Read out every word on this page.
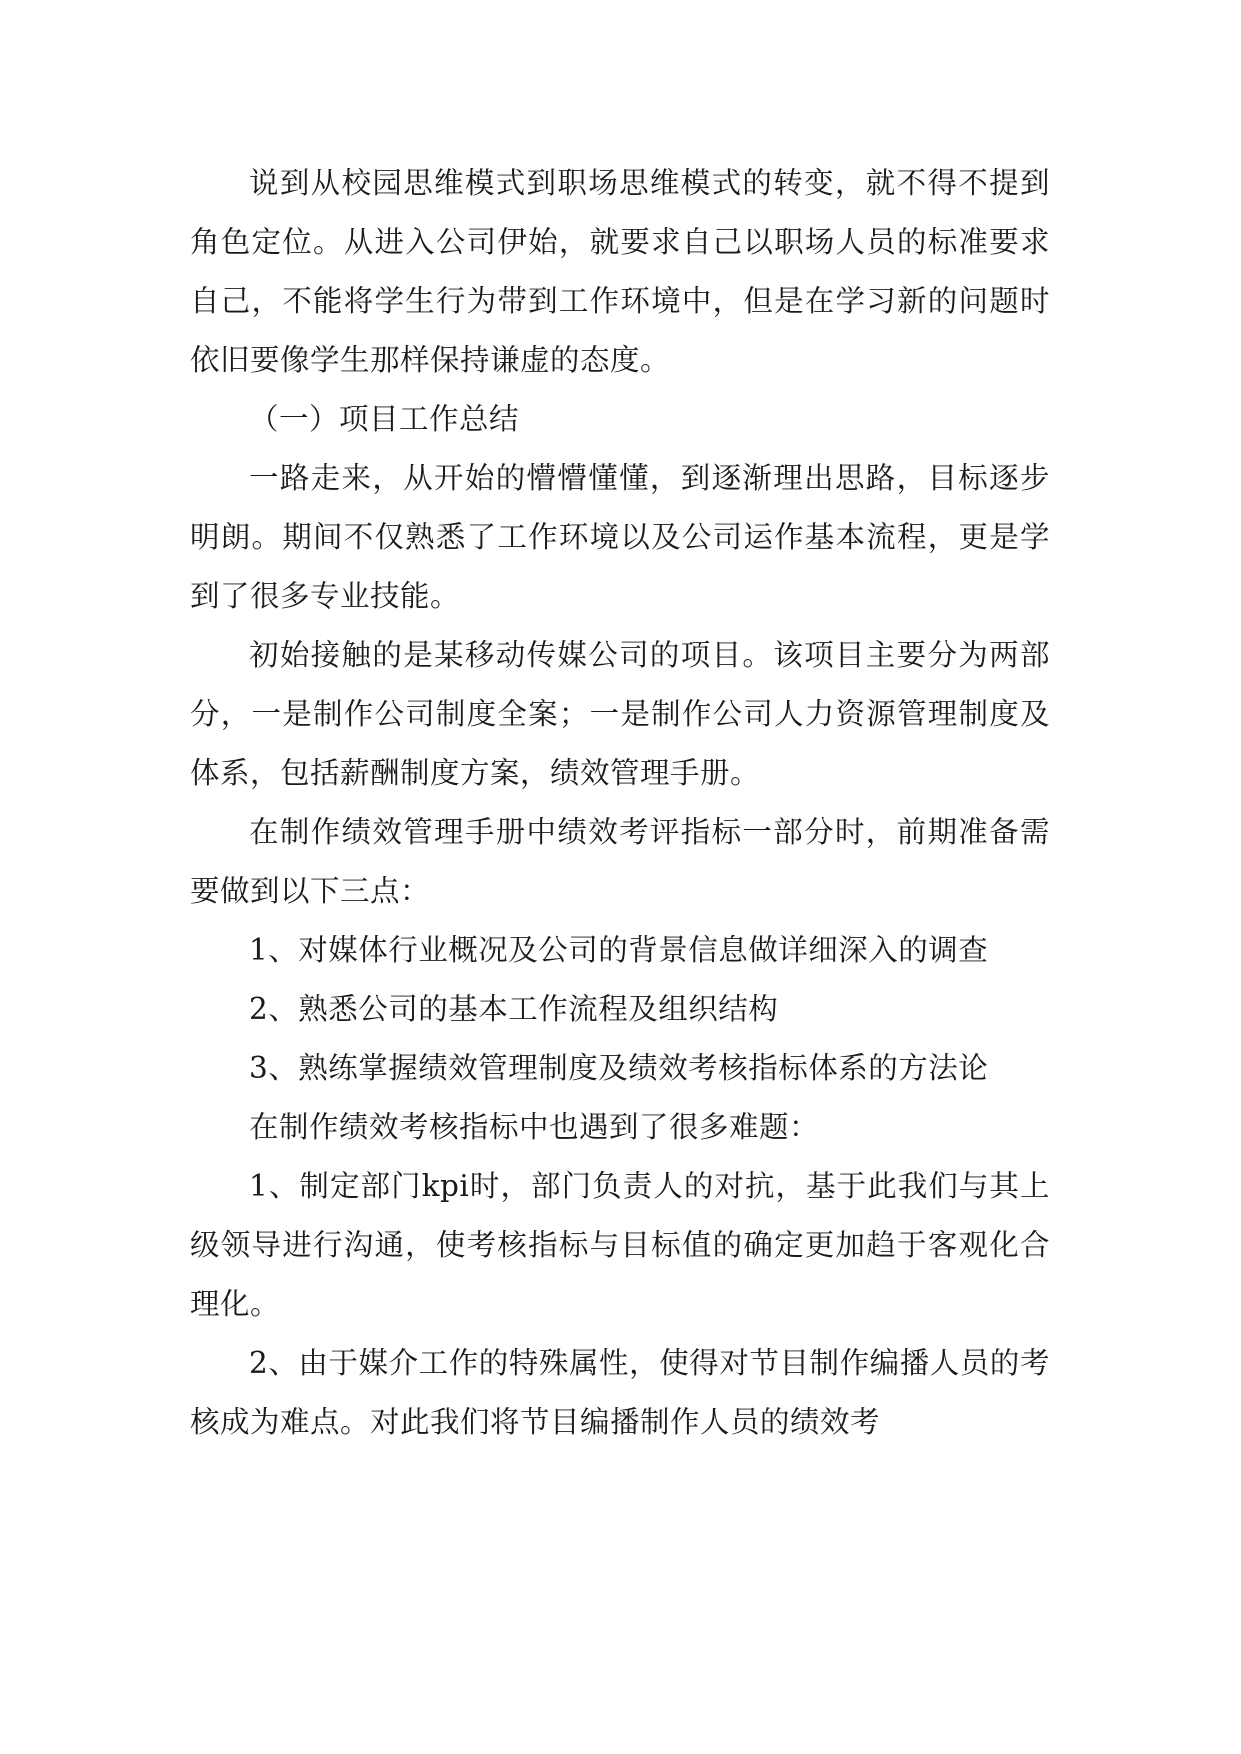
说到从校园思维模式到职场思维模式的转变，就不得不提到角色定位。从进入公司伊始，就要求自己以职场人员的标准要求自己，不能将学生行为带到工作环境中，但是在学习新的问题时依旧要像学生那样保持谦虚的态度。

（一）项目工作总结

一路走来，从开始的懵懵懂懂，到逐渐理出思路，目标逐步明朗。期间不仅熟悉了工作环境以及公司运作基本流程，更是学到了很多专业技能。

初始接触的是某移动传媒公司的项目。该项目主要分为两部分，一是制作公司制度全案；一是制作公司人力资源管理制度及体系，包括薪酬制度方案，绩效管理手册。

在制作绩效管理手册中绩效考评指标一部分时，前期准备需要做到以下三点：

1、对媒体行业概况及公司的背景信息做详细深入的调查

2、熟悉公司的基本工作流程及组织结构

3、熟练掌握绩效管理制度及绩效考核指标体系的方法论

在制作绩效考核指标中也遇到了很多难题：

1、制定部门kpi时，部门负责人的对抗，基于此我们与其上级领导进行沟通，使考核指标与目标值的确定更加趋于客观化合理化。

2、由于媒介工作的特殊属性，使得对节目制作编播人员的考核成为难点。对此我们将节目编播制作人员的绩效考
